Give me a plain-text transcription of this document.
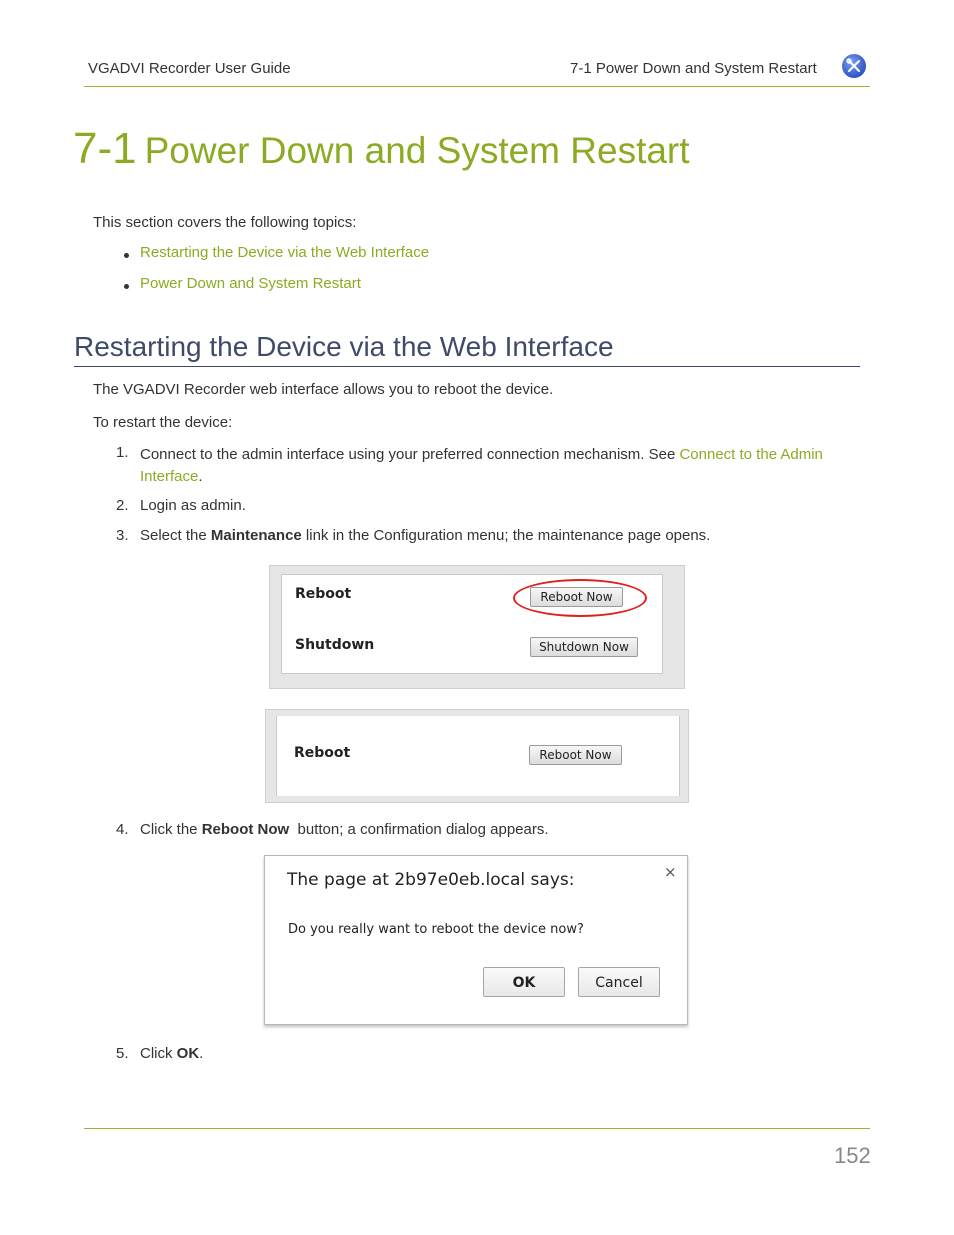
VGADVI Recorder User Guide	7-1 Power Down and System Restart
7-1 Power Down and System Restart

This section covers the following topics:

Restarting the Device via the Web Interface
Power Down and System Restart
Restarting the Device via the Web Interface

The VGADVI Recorder web interface allows you to reboot the device.

To restart the device:

1. Connect to the admin interface using your preferred connection mechanism. See Connect to the Admin
Interface.

2. Login as admin.

3. Select the Maintenance link in the Configuration menu; the maintenance page opens.

Reboot	Reboot Now
Shutdown	Shutdown Now
Reboot	Reboot Now
4. Click the Reboot Now  button; a confirmation dialog appears.

The page at 2b97e0eb.local says:	×
Do you really want to reboot the device now?
OK	Cancel
5. Click OK.

152
